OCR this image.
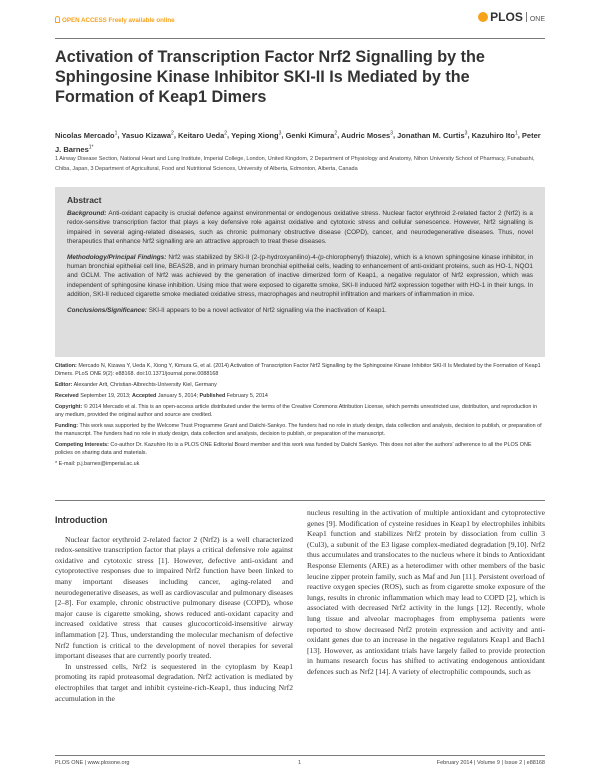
OPEN ACCESS Freely available online	PLOS ONE
Activation of Transcription Factor Nrf2 Signalling by the Sphingosine Kinase Inhibitor SKI-II Is Mediated by the Formation of Keap1 Dimers
Nicolas Mercado$^1$, Yasuo Kizawa$^2$, Keitaro Ueda$^2$, Yeping Xiong$^3$, Genki Kimura$^2$, Audric Moses$^3$, Jonathan M. Curtis$^3$, Kazuhiro Ito$^1$, Peter J. Barnes$^{1*}$
1 Airway Disease Section, National Heart and Lung Institute, Imperial College, London, United Kingdom, 2 Department of Physiology and Anatomy, Nihon University School of Pharmacy, Funabashi, Chiba, Japan, 3 Department of Agricultural, Food and Nutritional Sciences, University of Alberta, Edmonton, Alberta, Canada
Abstract

Background: Anti-oxidant capacity is crucial defence against environmental or endogenous oxidative stress. Nuclear factor erythroid 2-related factor 2 (Nrf2) is a redox-sensitive transcription factor that plays a key defensive role against oxidative and cytotoxic stress and cellular senescence. However, Nrf2 signalling is impaired in several aging-related diseases, such as chronic pulmonary obstructive disease (COPD), cancer, and neurodegenerative diseases. Thus, novel therapeutics that enhance Nrf2 signalling are an attractive approach to treat these diseases.

Methodology/Principal Findings: Nrf2 was stabilized by SKI-II (2-(p-hydroxyanilino)-4-(p-chlorophenyl) thiazole), which is a known sphingosine kinase inhibitor, in human bronchial epithelial cell line, BEAS2B, and in primary human bronchial epithelial cells, leading to enhancement of anti-oxidant proteins, such as HO-1, NQO1 and GCLM. The activation of Nrf2 was achieved by the generation of inactive dimerized form of Keap1, a negative regulator of Nrf2 expression, which was independent of sphingosine kinase inhibition. Using mice that were exposed to cigarette smoke, SKI-II induced Nrf2 expression together with HO-1 in their lungs. In addition, SKI-II reduced cigarette smoke mediated oxidative stress, macrophages and neutrophil infiltration and markers of inflammation in mice.

Conclusions/Significance: SKI-II appears to be a novel activator of Nrf2 signalling via the inactivation of Keap1.

Citation: Mercado N, Kizawa Y, Ueda K, Xiong Y, Kimura G, et al. (2014) Activation of Transcription Factor Nrf2 Signalling by the Sphingosine Kinase Inhibitor SKI-II Is Mediated by the Formation of Keap1 Dimers. PLoS ONE 9(2): e88168. doi:10.1371/journal.pone.0088168

Editor: Alexander Arlt, Christian-Albrechts-University Kiel, Germany

Received September 19, 2013; Accepted January 5, 2014; Published February 5, 2014

Copyright: © 2014 Mercado et al. This is an open-access article distributed under the terms of the Creative Commons Attribution License, which permits unrestricted use, distribution, and reproduction in any medium, provided the original author and source are credited.

Funding: This work was supported by the Welcome Trust Programme Grant and Daiichi-Sankyo. The funders had no role in study design, data collection and analysis, decision to publish, or preparation of the manuscript. The funders had no role in study design, data collection and analysis, decision to publish, or preparation of the manuscript.

Competing Interests: Co-author Dr. Kazuhiro Ito is a PLOS ONE Editorial Board member and this work was funded by Daiichi Sankyo. This does not alter the authors' adherence to all the PLOS ONE policies on sharing data and materials.

* E-mail: p.j.barnes@imperial.ac.uk

Introduction

Nuclear factor erythroid 2-related factor 2 (Nrf2) is a well characterized redox-sensitive transcription factor that plays a critical defensive role against oxidative and cytotoxic stress [1]. However, defective anti-oxidant and cytoprotective responses due to impaired Nrf2 function have been linked to many important diseases including cancer, aging-related and neurodegenerative diseases, as well as cardiovascular and pulmonary diseases [2–8]. For example, chronic obstructive pulmonary disease (COPD), whose major cause is cigarette smoking, shows reduced anti-oxidant capacity and increased oxidative stress that causes glucocorticoid-insensitive airway inflammation [2]. Thus, understanding the molecular mechanism of defective Nrf2 function is critical to the development of novel therapies for several important diseases that are currently poorly treated.

In unstressed cells, Nrf2 is sequestered in the cytoplasm by Keap1 promoting its rapid proteasomal degradation. Nrf2 activation is mediated by electrophiles that target and inhibit cysteine-rich-Keap1, thus inducing Nrf2 accumulation in the

nucleus resulting in the activation of multiple antioxidant and cytoprotective genes [9]. Modification of cysteine residues in Keap1 by electrophiles inhibits Keap1 function and stabilizes Nrf2 protein by dissociation from cullin 3 (Cul3), a subunit of the E3 ligase complex-mediated degradation [9,10]. Nrf2 thus accumulates and translocates to the nucleus where it binds to Antioxidant Response Elements (ARE) as a heterodimer with other members of the basic leucine zipper protein family, such as Maf and Jun [11]. Persistent overload of reactive oxygen species (ROS), such as from cigarette smoke exposure of the lungs, results in chronic inflammation which may lead to COPD [2], which is associated with decreased Nrf2 activity in the lungs [12]. Recently, whole lung tissue and alveolar macrophages from emphysema patients were reported to show decreased Nrf2 protein expression and activity and anti-oxidant genes due to an increase in the negative regulators Keap1 and Bach1 [13]. However, as antioxidant trials have largely failed to provide protection in humans research focus has shifted to activating endogenous antioxidant defences such as Nrf2 [14]. A variety of electrophilic compounds, such as

PLOS ONE | www.plosone.org	1	February 2014 | Volume 9 | Issue 2 | e88168
